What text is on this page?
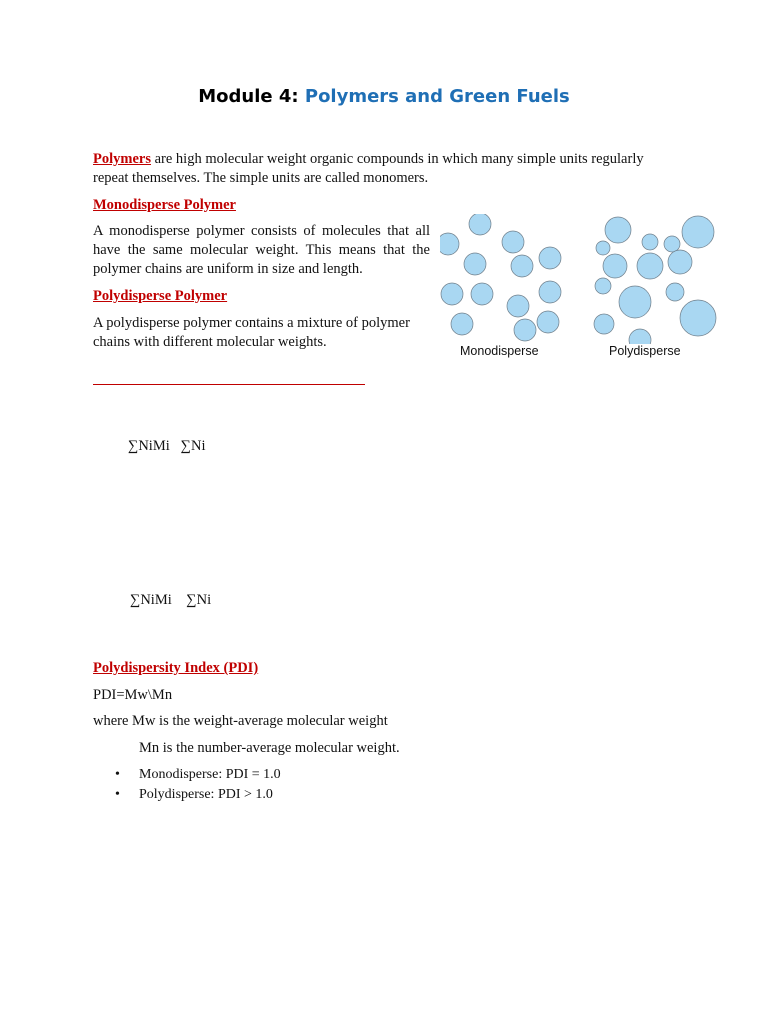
Module 4: Polymers and Green Fuels

Polymers are high molecular weight organic compounds in which many simple units regularly
repeat themselves. The simple units are called monomers.

Monodisperse Polymer

A monodisperse polymer consists of molecules that all have the same molecular weight. This means that the polymer chains are uniform in size and length.

Polydisperse Polymer

A polydisperse polymer contains a mixture of polymer chains with different molecular weights.

Monodisperse	Polydisperse

∑NiMi   ∑Ni

∑NiMi    ∑Ni

Polydispersity Index (PDI)

PDI=Mw\Mn

where Mw is the weight-average molecular weight

Mn is the number-average molecular weight.

• Monodisperse: PDI = 1.0
• Polydisperse: PDI > 1.0
